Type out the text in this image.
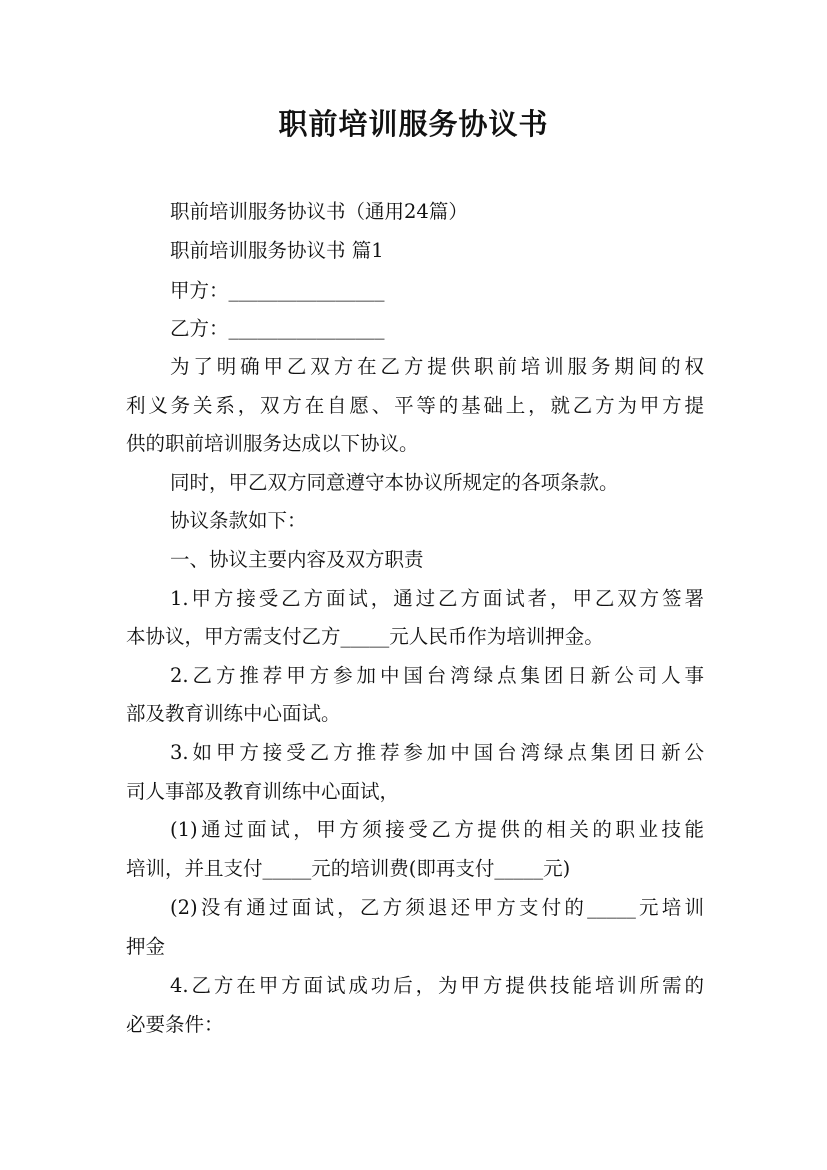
职前培训服务协议书
职前培训服务协议书（通用24篇）
职前培训服务协议书 篇1
甲方：________________
乙方：________________
为了明确甲乙双方在乙方提供职前培训服务期间的权
利义务关系，双方在自愿、平等的基础上，就乙方为甲方提
供的职前培训服务达成以下协议。
同时，甲乙双方同意遵守本协议所规定的各项条款。
协议条款如下：
一、协议主要内容及双方职责
1.甲方接受乙方面试，通过乙方面试者，甲乙双方签署
本协议，甲方需支付乙方_____元人民币作为培训押金。
2.乙方推荐甲方参加中国台湾绿点集团日新公司人事
部及教育训练中心面试。
3.如甲方接受乙方推荐参加中国台湾绿点集团日新公
司人事部及教育训练中心面试，
(1)通过面试，甲方须接受乙方提供的相关的职业技能
培训，并且支付_____元的培训费(即再支付_____元)
(2)没有通过面试，乙方须退还甲方支付的_____元培训
押金
4.乙方在甲方面试成功后，为甲方提供技能培训所需的
必要条件：
